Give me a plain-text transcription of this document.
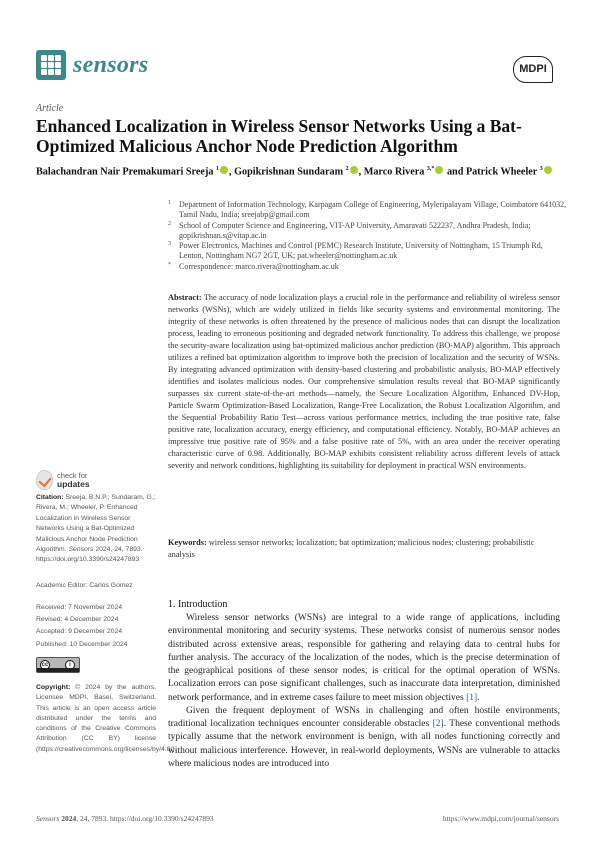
sensors	MDPI
Article
Enhanced Localization in Wireless Sensor Networks Using a Bat-Optimized Malicious Anchor Node Prediction Algorithm
Balachandran Nair Premakumari Sreeja $^1$ , Gopikrishnan Sundaram $^2$ , Marco Rivera $^{3,*}$ and Patrick Wheeler $^3$
1 Department of Information Technology, Karpagam College of Engineering, Myleripalayam Village, Coimbatore 641032, Tamil Nadu, India; sreejabp@gmail.com
2 School of Computer Science and Engineering, VIT-AP University, Amaravati 522237, Andhra Pradesh, India; gopikrishnan.s@vitap.ac.in
3 Power Electronics, Machines and Control (PEMC) Research Institute, University of Nottingham, 15 Triumph Rd, Lenton, Nottingham NG7 2GT, UK; pat.wheeler@nottingham.ac.uk
* Correspondence: marco.rivera@nottingham.ac.uk
Abstract: The accuracy of node localization plays a crucial role in the performance and reliability of wireless sensor networks (WSNs), which are widely utilized in fields like security systems and environmental monitoring. The integrity of these networks is often threatened by the presence of malicious nodes that can disrupt the localization process, leading to erroneous positioning and degraded network functionality. To address this challenge, we propose the security-aware localization using bat-optimized malicious anchor prediction (BO-MAP) algorithm. This approach utilizes a refined bat optimization algorithm to improve both the precision of localization and the security of WSNs. By integrating advanced optimization with density-based clustering and probabilistic analysis, BO-MAP effectively identifies and isolates malicious nodes. Our comprehensive simulation results reveal that BO-MAP significantly surpasses six current state-of-the-art methods—namely, the Secure Localization Algorithm, Enhanced DV-Hop, Particle Swarm Optimization-Based Localization, Range-Free Localization, the Robust Localization Algorithm, and the Sequential Probability Ratio Test—across various performance metrics, including the true positive rate, false positive rate, localization accuracy, energy efficiency, and computational efficiency. Notably, BO-MAP achieves an impressive true positive rate of 95% and a false positive rate of 5%, with an area under the receiver operating characteristic curve of 0.98. Additionally, BO-MAP exhibits consistent reliability across different levels of attack severity and network conditions, highlighting its suitability for deployment in practical WSN environments.
Keywords: wireless sensor networks; localization; bat optimization; malicious nodes; clustering; probabilistic analysis
check for
updates
Citation: Sreeja, B.N.P.; Sundaram, G.; Rivera, M.; Wheeler, P. Enhanced Localization in Wireless Sensor Networks Using a Bat-Optimized Malicious Anchor Node Prediction Algorithm. Sensors 2024, 24, 7893. https://doi.org/10.3390/s24247893
Academic Editor: Carlos Gomez
Received: 7 November 2024
Revised: 4 December 2024
Accepted: 9 December 2024
Published: 10 December 2024
cc	i
Copyright: © 2024 by the authors. Licensee MDPI, Basel, Switzerland. This article is an open access article distributed under the terms and conditions of the Creative Commons Attribution (CC BY) license (https://creativecommons.org/licenses/by/4.0/).
1. Introduction

Wireless sensor networks (WSNs) are integral to a wide range of applications, including environmental monitoring and security systems. These networks consist of numerous sensor nodes distributed across extensive areas, responsible for gathering and relaying data to central hubs for further analysis. The accuracy of the localization of the nodes, which is the precise determination of the geographical positions of these sensor nodes, is critical for the optimal operation of WSNs. Localization errors can pose significant challenges, such as inaccurate data interpretation, diminished network performance, and in extreme cases failure to meet mission objectives [1].

Given the frequent deployment of WSNs in challenging and often hostile environments, traditional localization techniques encounter considerable obstacles [2]. These conventional methods typically assume that the network environment is benign, with all nodes functioning correctly and without malicious interference. However, in real-world deployments, WSNs are vulnerable to attacks where malicious nodes are introduced into

Sensors 2024, 24, 7893. https://doi.org/10.3390/s24247893	https://www.mdpi.com/journal/sensors
